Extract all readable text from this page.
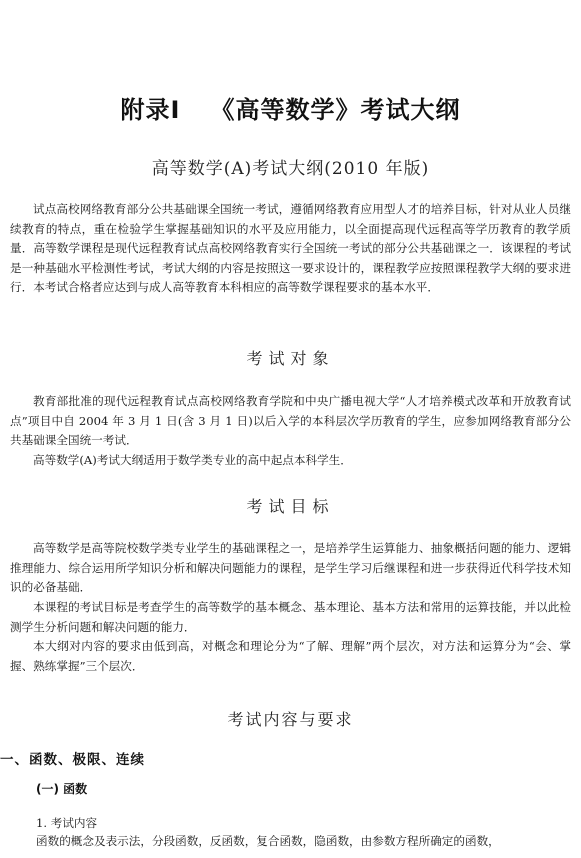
附录Ⅰ 《高等数学》考试大纲
高等数学(A)考试大纲(2010 年版)

试点高校网络教育部分公共基础课全国统一考试，遵循网络教育应用型人才的培养目标，针对从业人员继续教育的特点，重在检验学生掌握基础知识的水平及应用能力，以全面提高现代远程高等学历教育的教学质量．高等数学课程是现代远程教育试点高校网络教育实行全国统一考试的部分公共基础课之一．该课程的考试是一种基础水平检测性考试，考试大纲的内容是按照这一要求设计的，课程教学应按照课程教学大纲的要求进行．本考试合格者应达到与成人高等教育本科相应的高等数学课程要求的基本水平．

考试对象

教育部批准的现代远程教育试点高校网络教育学院和中央广播电视大学“人才培养模式改革和开放教育试点”项目中自 2004 年 3 月 1 日(含 3 月 1 日)以后入学的本科层次学历教育的学生，应参加网络教育部分公共基础课全国统一考试．

高等数学(A)考试大纲适用于数学类专业的高中起点本科学生．

考试目标

高等数学是高等院校数学类专业学生的基础课程之一，是培养学生运算能力、抽象概括问题的能力、逻辑推理能力、综合运用所学知识分析和解决问题能力的课程，是学生学习后继课程和进一步获得近代科学技术知识的必备基础．

本课程的考试目标是考查学生的高等数学的基本概念、基本理论、基本方法和常用的运算技能，并以此检测学生分析问题和解决问题的能力．

本大纲对内容的要求由低到高，对概念和理论分为“了解、理解”两个层次，对方法和运算分为“会、掌握、熟练掌握”三个层次．

考试内容与要求
一、函数、极限、连续
(一) 函数
1. 考试内容
函数的概念及表示法，分段函数，反函数，复合函数，隐函数，由参数方程所确定的函数，
